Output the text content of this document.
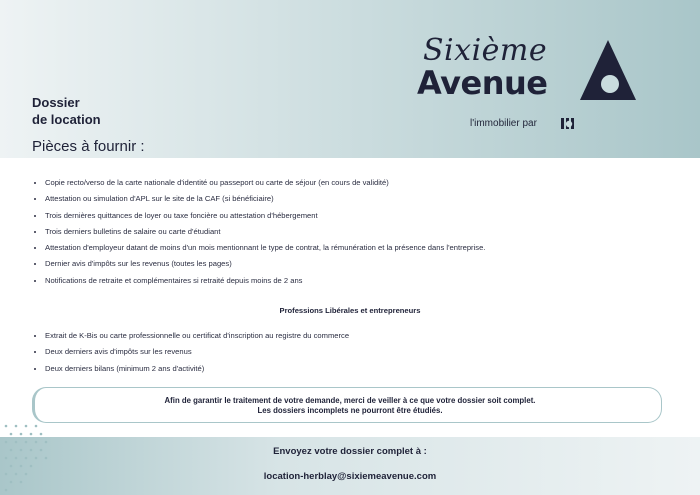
Sixième
Avenue
l'immobilier par
Dossier
de location
Pièces à fournir :
• Copie recto/verso de la carte nationale d'identité ou passeport ou carte de séjour (en cours de validité)
• Attestation ou simulation d'APL sur le site de la CAF (si bénéficiaire)
• Trois dernières quittances de loyer ou taxe foncière ou attestation d'hébergement
• Trois derniers bulletins de salaire ou carte d'étudiant
• Attestation d'employeur datant de moins d'un mois mentionnant le type de contrat, la rémunération et la présence dans l'entreprise.
• Dernier avis d'impôts sur les revenus (toutes les pages)
• Notifications de retraite et complémentaires si retraité depuis moins de 2 ans
Professions Libérales et entrepreneurs
• Extrait de K-Bis ou carte professionnelle ou certificat d'inscription au registre du commerce
• Deux derniers avis d'impôts sur les revenus
• Deux derniers bilans (minimum 2 ans d'activité)
Afin de garantir le traitement de votre demande, merci de veiller à ce que votre dossier soit complet.
Les dossiers incomplets ne pourront être étudiés.
Envoyez votre dossier complet à :
location-herblay@sixiemeavenue.com
